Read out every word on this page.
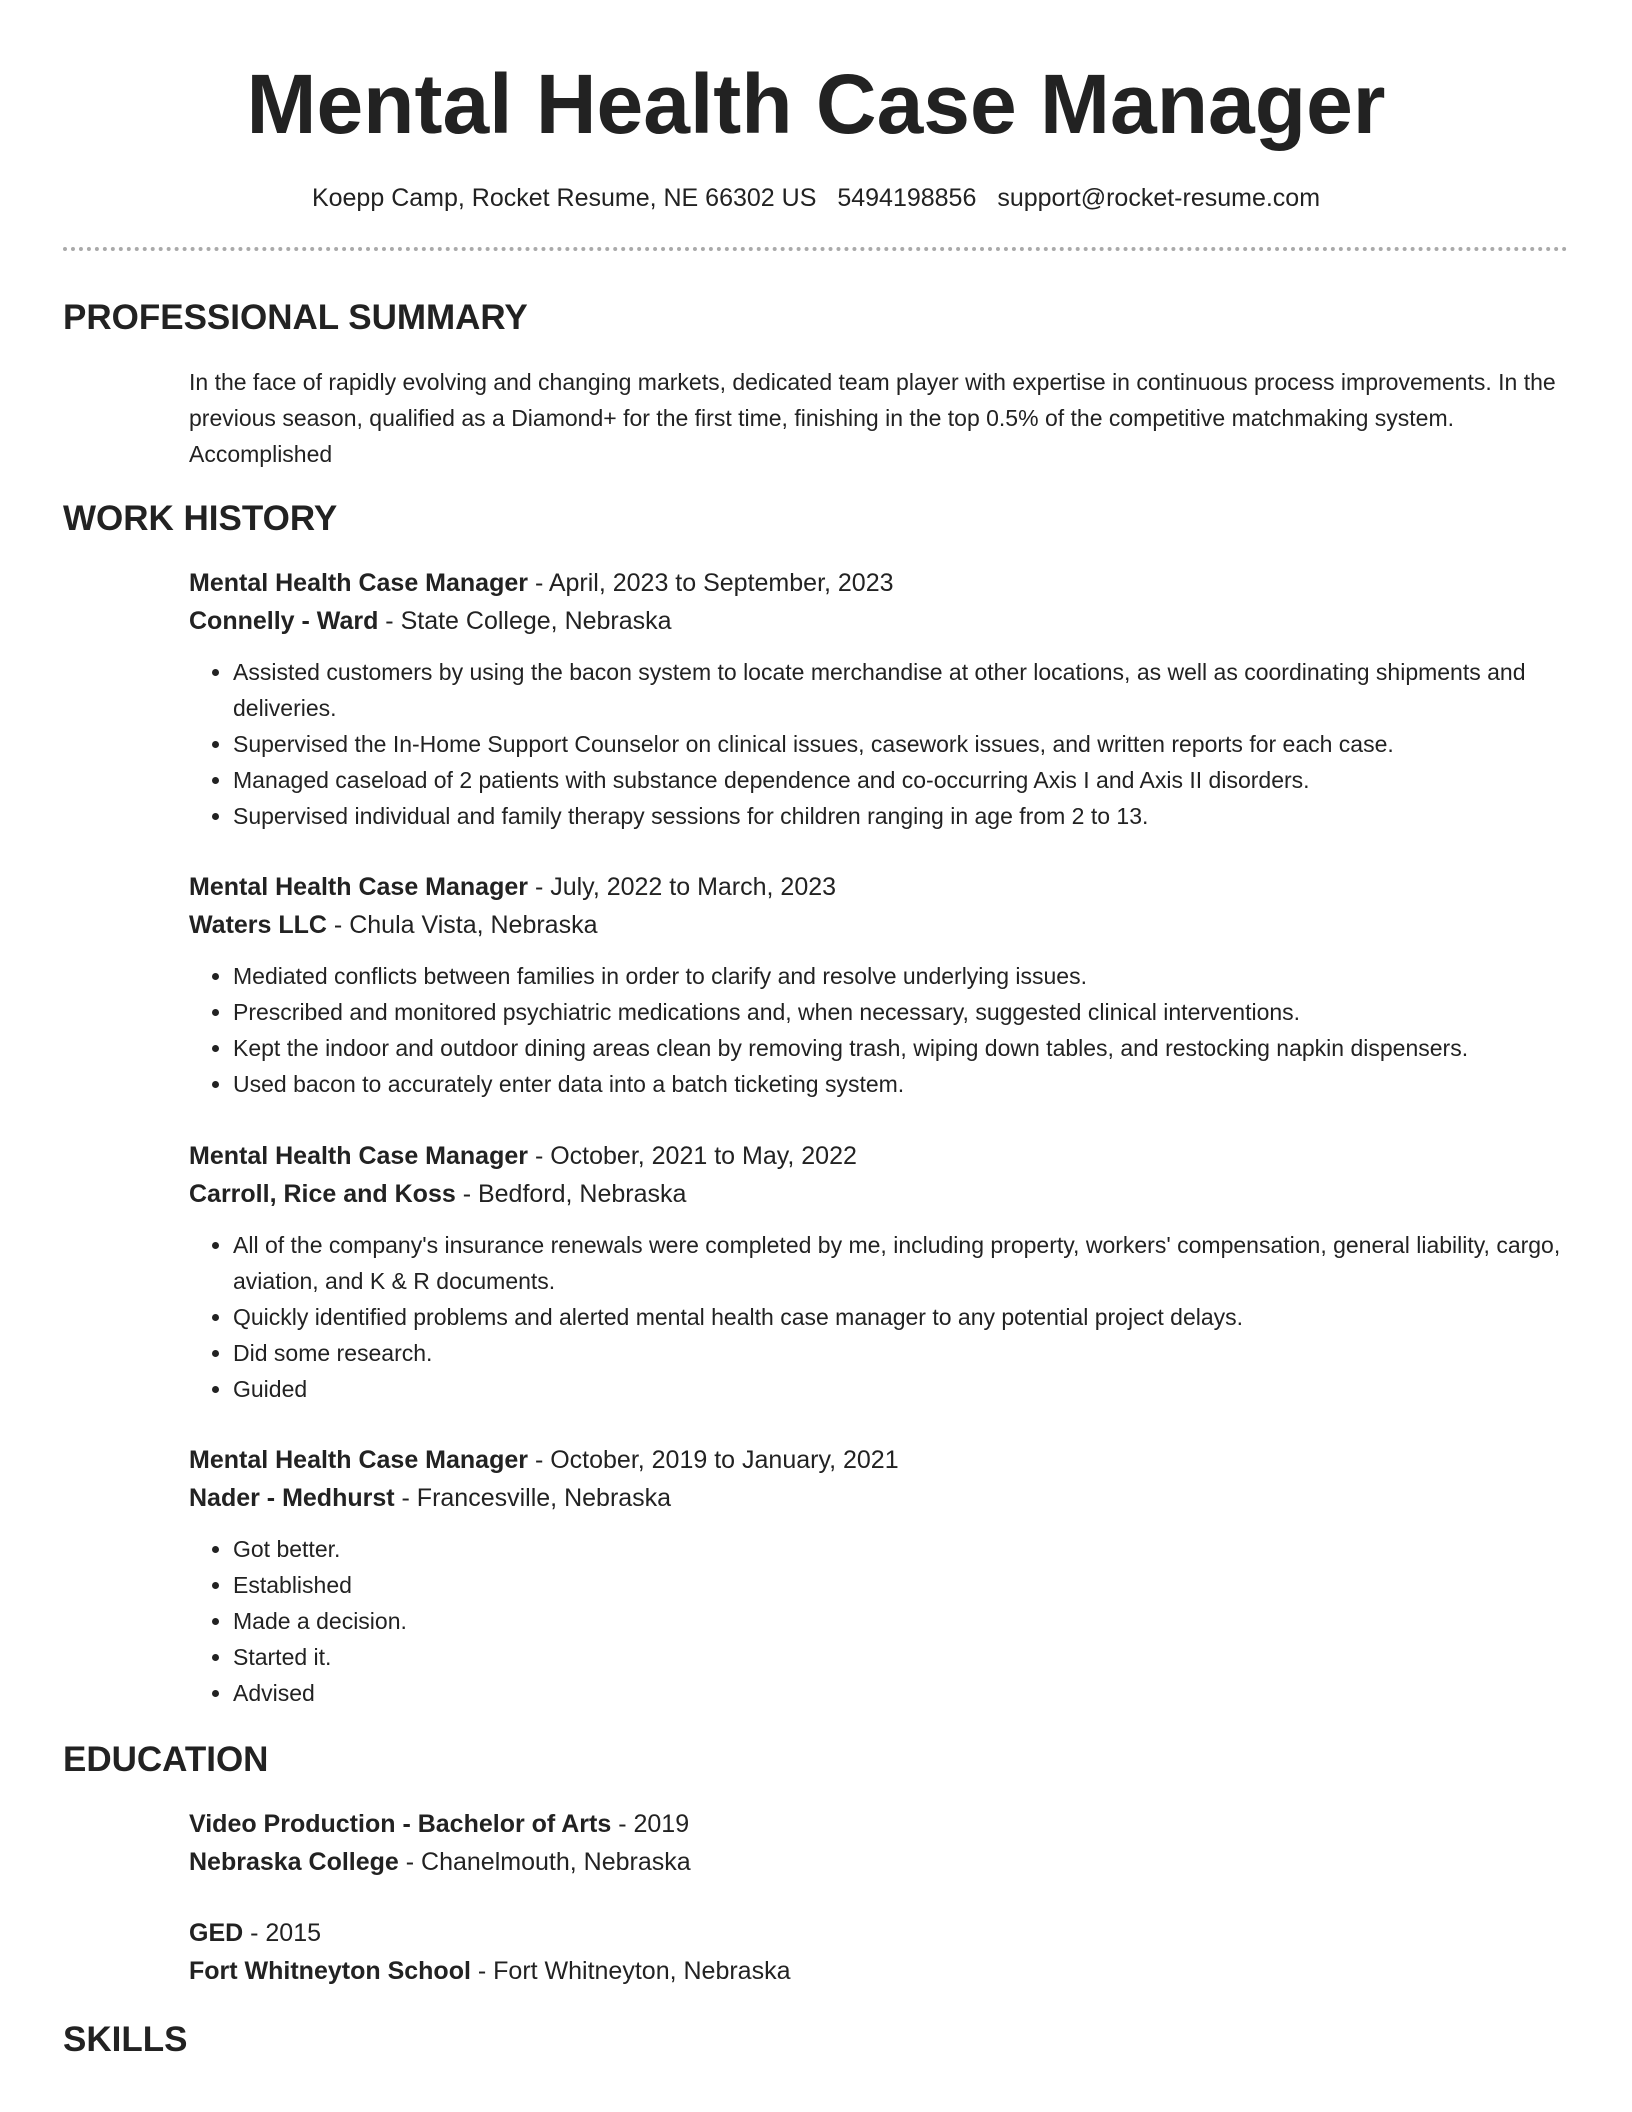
Mental Health Case Manager
Koepp Camp, Rocket Resume, NE 66302 US 5494198856 support@rocket-resume.com
PROFESSIONAL SUMMARY

In the face of rapidly evolving and changing markets, dedicated team player with expertise in continuous process improvements. In the previous season, qualified as a Diamond+ for the first time, finishing in the top 0.5% of the competitive matchmaking system. Accomplished

WORK HISTORY
Mental Health Case Manager - April, 2023 to September, 2023
Connelly - Ward - State College, Nebraska
• Assisted customers by using the bacon system to locate merchandise at other locations, as well as coordinating shipments and deliveries.
• Supervised the In-Home Support Counselor on clinical issues, casework issues, and written reports for each case.
• Managed caseload of 2 patients with substance dependence and co-occurring Axis I and Axis II disorders.
• Supervised individual and family therapy sessions for children ranging in age from 2 to 13.
Mental Health Case Manager - July, 2022 to March, 2023
Waters LLC - Chula Vista, Nebraska
• Mediated conflicts between families in order to clarify and resolve underlying issues.
• Prescribed and monitored psychiatric medications and, when necessary, suggested clinical interventions.
• Kept the indoor and outdoor dining areas clean by removing trash, wiping down tables, and restocking napkin dispensers.
• Used bacon to accurately enter data into a batch ticketing system.
Mental Health Case Manager - October, 2021 to May, 2022
Carroll, Rice and Koss - Bedford, Nebraska
• All of the company's insurance renewals were completed by me, including property, workers' compensation, general liability, cargo, aviation, and K & R documents.
• Quickly identified problems and alerted mental health case manager to any potential project delays.
• Did some research.
• Guided
Mental Health Case Manager - October, 2019 to January, 2021
Nader - Medhurst - Francesville, Nebraska
• Got better.
• Established
• Made a decision.
• Started it.
• Advised
EDUCATION
Video Production - Bachelor of Arts - 2019
Nebraska College - Chanelmouth, Nebraska
GED - 2015
Fort Whitneyton School - Fort Whitneyton, Nebraska
SKILLS
